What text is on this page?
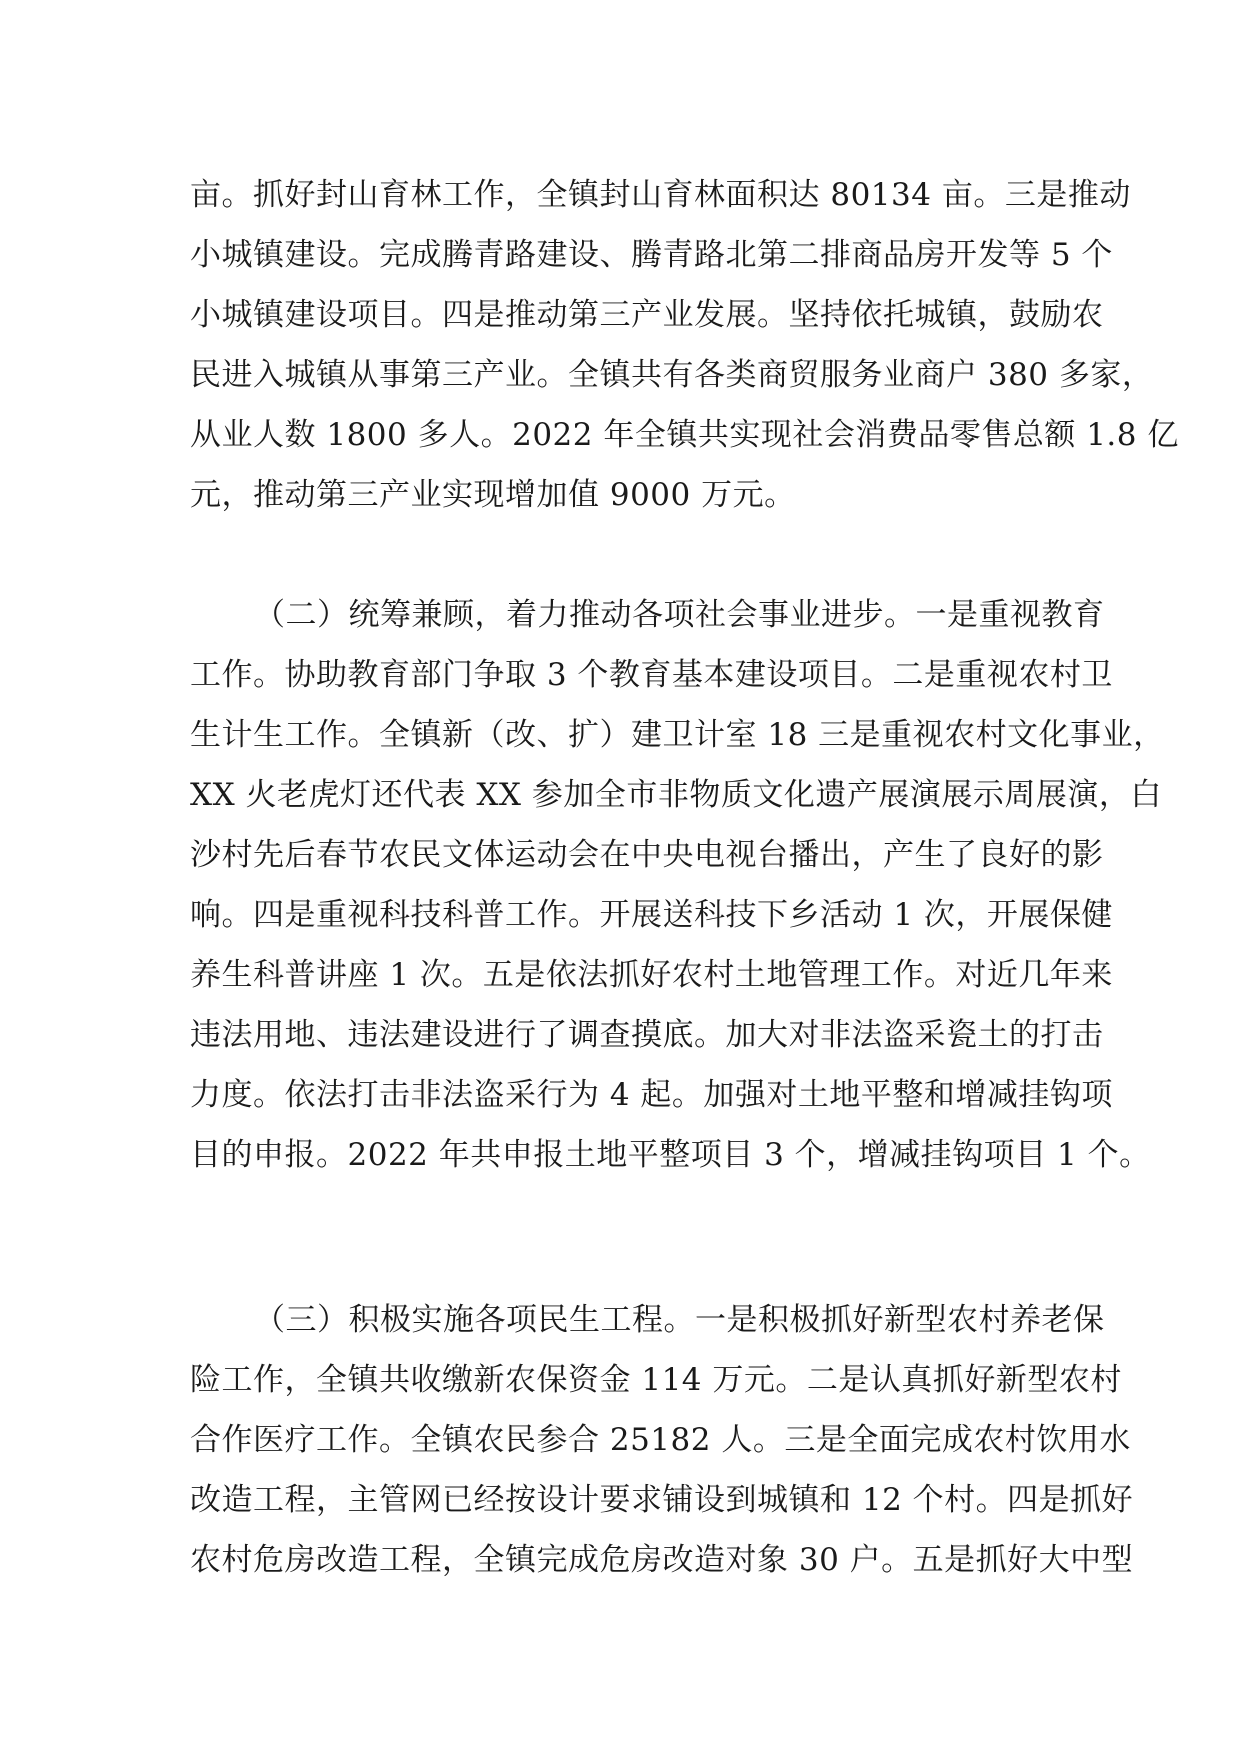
亩。抓好封山育林工作，全镇封山育林面积达 80134 亩。三是推动
小城镇建设。完成腾青路建设、腾青路北第二排商品房开发等 5 个
小城镇建设项目。四是推动第三产业发展。坚持依托城镇，鼓励农
民进入城镇从事第三产业。全镇共有各类商贸服务业商户 380 多家，
从业人数 1800 多人。2022 年全镇共实现社会消费品零售总额 1.8 亿
元，推动第三产业实现增加值 9000 万元。
（二）统筹兼顾，着力推动各项社会事业进步。一是重视教育
工作。协助教育部门争取 3 个教育基本建设项目。二是重视农村卫
生计生工作。全镇新（改、扩）建卫计室 18 三是重视农村文化事业，
XX 火老虎灯还代表 XX 参加全市非物质文化遗产展演展示周展演，白
沙村先后春节农民文体运动会在中央电视台播出，产生了良好的影
响。四是重视科技科普工作。开展送科技下乡活动 1 次，开展保健
养生科普讲座 1 次。五是依法抓好农村土地管理工作。对近几年来
违法用地、违法建设进行了调查摸底。加大对非法盗采瓷土的打击
力度。依法打击非法盗采行为 4 起。加强对土地平整和增减挂钩项
目的申报。2022 年共申报土地平整项目 3 个，增减挂钩项目 1 个。
（三）积极实施各项民生工程。一是积极抓好新型农村养老保
险工作，全镇共收缴新农保资金 114 万元。二是认真抓好新型农村
合作医疗工作。全镇农民参合 25182 人。三是全面完成农村饮用水
改造工程，主管网已经按设计要求铺设到城镇和 12 个村。四是抓好
农村危房改造工程，全镇完成危房改造对象 30 户。五是抓好大中型
